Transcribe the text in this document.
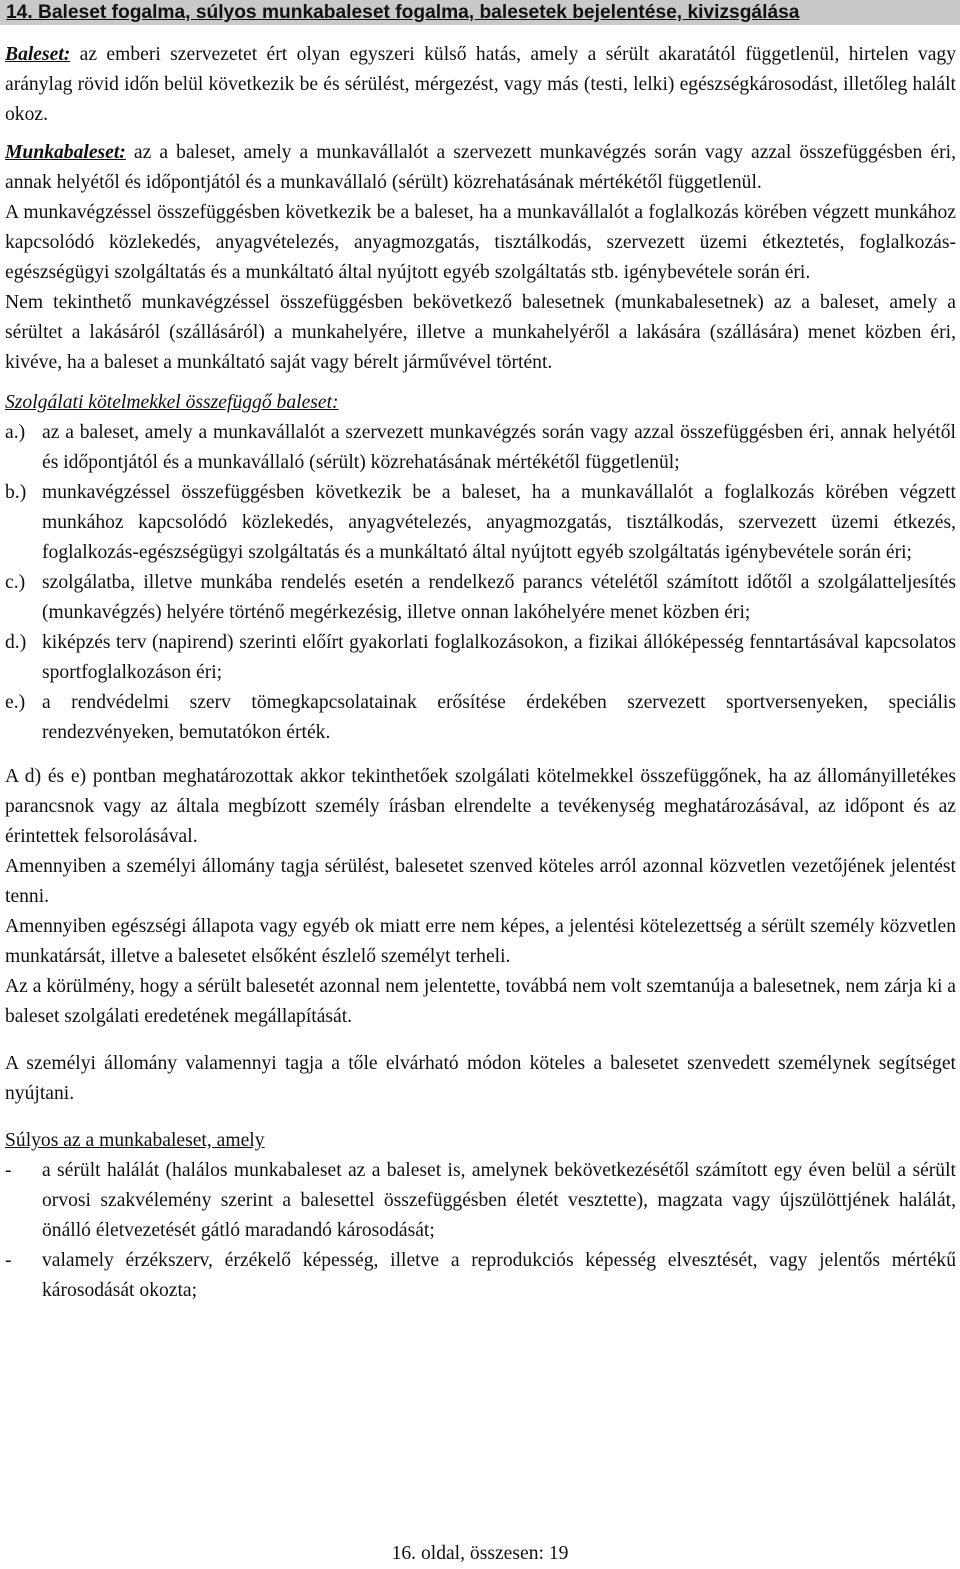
14. Baleset fogalma, súlyos munkabaleset fogalma, balesetek bejelentése, kivizsgálása

Baleset: az emberi szervezetet ért olyan egyszeri külső hatás, amely a sérült akaratától függetlenül, hirtelen vagy aránylag rövid időn belül következik be és sérülést, mérgezést, vagy más (testi, lelki) egészségkárosodást, illetőleg halált okoz.

Munkabaleset: az a baleset, amely a munkavállalót a szervezett munkavégzés során vagy azzal összefüggésben éri, annak helyétől és időpontjától és a munkavállaló (sérült) közrehatásának mértékétől függetlenül.

A munkavégzéssel összefüggésben következik be a baleset, ha a munkavállalót a foglalkozás körében végzett munkához kapcsolódó közlekedés, anyagvételezés, anyagmozgatás, tisztálkodás, szervezett üzemi étkeztetés, foglalkozás-egészségügyi szolgáltatás és a munkáltató által nyújtott egyéb szolgáltatás stb. igénybevétele során éri.

Nem tekinthető munkavégzéssel összefüggésben bekövetkező balesetnek (munkabalesetnek) az a baleset, amely a sérültet a lakásáról (szállásáról) a munkahelyére, illetve a munkahelyéről a lakására (szállására) menet közben éri, kivéve, ha a baleset a munkáltató saját vagy bérelt járművével történt.

Szolgálati kötelmekkel összefüggő baleset:

a.) az a baleset, amely a munkavállalót a szervezett munkavégzés során vagy azzal összefüggésben éri, annak helyétől és időpontjától és a munkavállaló (sérült) közrehatásának mértékétől függetlenül;
b.) munkavégzéssel összefüggésben következik be a baleset, ha a munkavállalót a foglalkozás körében végzett munkához kapcsolódó közlekedés, anyagvételezés, anyagmozgatás, tisztálkodás, szervezett üzemi étkezés, foglalkozás-egészségügyi szolgáltatás és a munkáltató által nyújtott egyéb szolgáltatás igénybevétele során éri;
c.) szolgálatba, illetve munkába rendelés esetén a rendelkező parancs vételétől számított időtől a szolgálatteljesítés (munkavégzés) helyére történő megérkezésig, illetve onnan lakóhelyére menet közben éri;
d.) kiképzés terv (napirend) szerinti előírt gyakorlati foglalkozásokon, a fizikai állóképesség fenntartásával kapcsolatos sportfoglalkozáson éri;
e.) a rendvédelmi szerv tömegkapcsolatainak erősítése érdekében szervezett sportversenyeken, speciális rendezvényeken, bemutatókon érték.

A d) és e) pontban meghatározottak akkor tekinthetőek szolgálati kötelmekkel összefüggőnek, ha az állományilletékes parancsnok vagy az általa megbízott személy írásban elrendelte a tevékenység meghatározásával, az időpont és az érintettek felsorolásával.

Amennyiben a személyi állomány tagja sérülést, balesetet szenved köteles arról azonnal közvetlen vezetőjének jelentést tenni.

Amennyiben egészségi állapota vagy egyéb ok miatt erre nem képes, a jelentési kötelezettség a sérült személy közvetlen munkatársát, illetve a balesetet elsőként észlelő személyt terheli.

Az a körülmény, hogy a sérült balesetét azonnal nem jelentette, továbbá nem volt szemtanúja a balesetnek, nem zárja ki a baleset szolgálati eredetének megállapítását.

A személyi állomány valamennyi tagja a tőle elvárható módon köteles a balesetet szenvedett személynek segítséget nyújtani.

Súlyos az a munkabaleset, amely

-	a sérült halálát (halálos munkabaleset az a baleset is, amelynek bekövetkezésétől számított egy éven belül a sérült orvosi szakvélemény szerint a balesettel összefüggésben életét vesztette), magzata vagy újszülöttjének halálát, önálló életvezetését gátló maradandó károsodását;
-	valamely érzékszerv, érzékelő képesség, illetve a reprodukciós képesség elvesztését, vagy jelentős mértékű károsodását okozta;
16. oldal, összesen: 19
